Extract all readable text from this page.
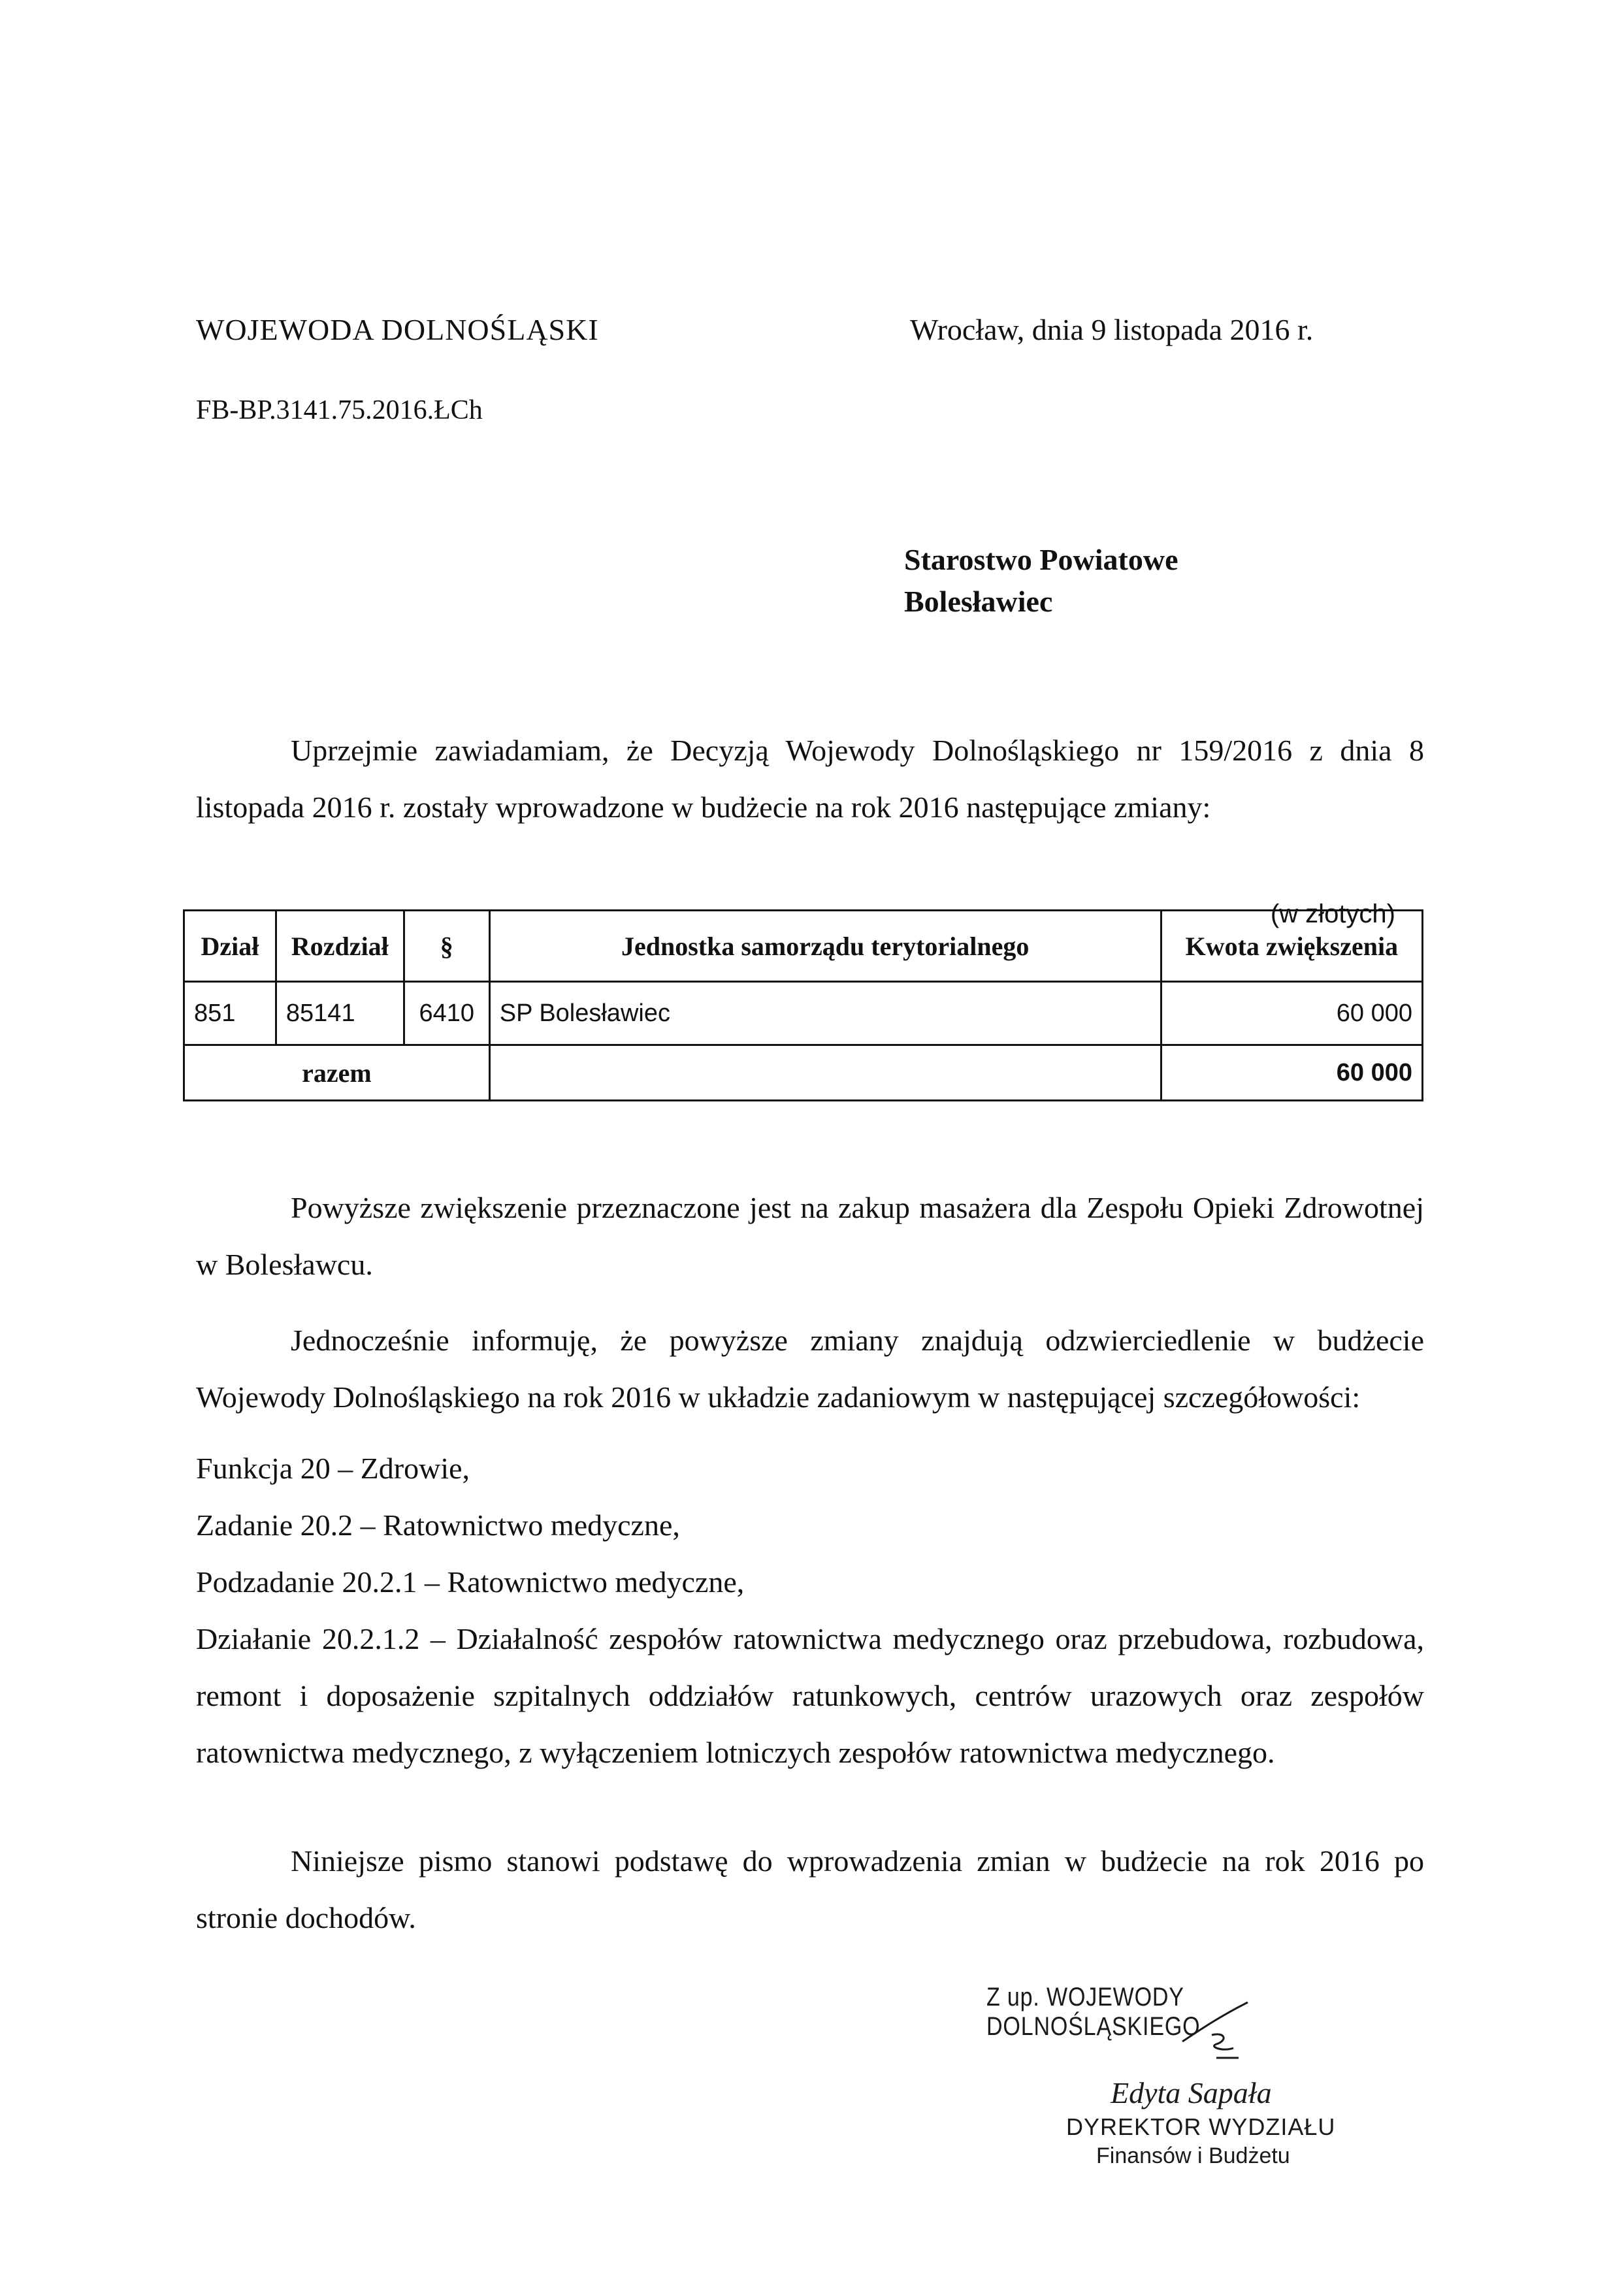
WOJEWODA DOLNOŚLĄSKI	Wrocław, dnia 9 listopada 2016 r.
FB-BP.3141.75.2016.ŁCh
Starostwo Powiatowe
Bolesławiec
Uprzejmie zawiadamiam, że Decyzją Wojewody Dolnośląskiego nr 159/2016 z dnia 8 listopada 2016 r. zostały wprowadzone w budżecie na rok 2016 następujące zmiany:
(w złotych)
Dział	Rozdział	§	Jednostka samorządu terytorialnego	Kwota zwiększenia
851	85141	6410	SP Bolesławiec	60 000
razem				60 000
Powyższe zwiększenie przeznaczone jest na zakup masażera dla Zespołu Opieki Zdrowotnej w Bolesławcu.
Jednocześnie informuję, że powyższe zmiany znajdują odzwierciedlenie w budżecie Wojewody Dolnośląskiego na rok 2016 w układzie zadaniowym w następującej szczegółowości:
Funkcja 20 – Zdrowie,
Zadanie 20.2 – Ratownictwo medyczne,
Podzadanie 20.2.1 – Ratownictwo medyczne,
Działanie 20.2.1.2 – Działalność zespołów ratownictwa medycznego oraz przebudowa, rozbudowa, remont i doposażenie szpitalnych oddziałów ratunkowych, centrów urazowych oraz zespołów ratownictwa medycznego, z wyłączeniem lotniczych zespołów ratownictwa medycznego.
Niniejsze pismo stanowi podstawę do wprowadzenia zmian w budżecie na rok 2016 po stronie dochodów.
Z up. WOJEWODY DOLNOŚLĄSKIEGO
Edyta Sapała
DYREKTOR WYDZIAŁU
Finansów i Budżetu
